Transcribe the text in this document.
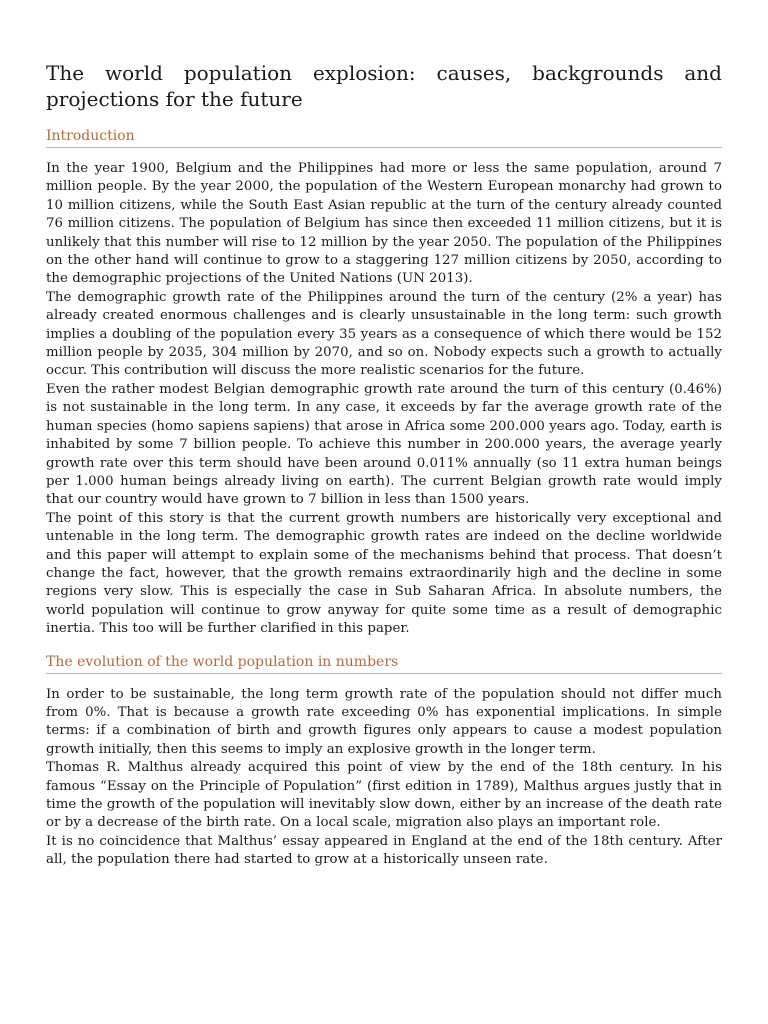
The world population explosion: causes, backgrounds and
projections for the future
Introduction

In the year 1900, Belgium and the Philippines had more or less the same population, around 7 million people. By the year 2000, the population of the Western European monarchy had grown to 10 million citizens, while the South East Asian republic at the turn of the century already counted 76 million citizens. The population of Belgium has since then exceeded 11 million citizens, but it is unlikely that this number will rise to 12 million by the year 2050. The population of the Philippines on the other hand will continue to grow to a staggering 127 million citizens by 2050, according to the demographic projections of the United Nations (UN 2013).

The demographic growth rate of the Philippines around the turn of the century (2% a year) has already created enormous challenges and is clearly unsustainable in the long term: such growth implies a doubling of the population every 35 years as a consequence of which there would be 152 million people by 2035, 304 million by 2070, and so on. Nobody expects such a growth to actually occur. This contribution will discuss the more realistic scenarios for the future.

Even the rather modest Belgian demographic growth rate around the turn of this century (0.46%) is not sustainable in the long term. In any case, it exceeds by far the average growth rate of the human species (homo sapiens sapiens) that arose in Africa some 200.000 years ago. Today, earth is inhabited by some 7 billion people. To achieve this number in 200.000 years, the average yearly growth rate over this term should have been around 0.011% annually (so 11 extra human beings per 1.000 human beings already living on earth). The current Belgian growth rate would imply that our country would have grown to 7 billion in less than 1500 years.

The point of this story is that the current growth numbers are historically very exceptional and untenable in the long term. The demographic growth rates are indeed on the decline worldwide and this paper will attempt to explain some of the mechanisms behind that process. That doesn’t change the fact, however, that the growth remains extraordinarily high and the decline in some regions very slow. This is especially the case in Sub Saharan Africa. In absolute numbers, the world population will continue to grow anyway for quite some time as a result of demographic inertia. This too will be further clarified in this paper.

The evolution of the world population in numbers

In order to be sustainable, the long term growth rate of the population should not differ much from 0%. That is because a growth rate exceeding 0% has exponential implications. In simple terms: if a combination of birth and growth figures only appears to cause a modest population growth initially, then this seems to imply an explosive growth in the longer term.

Thomas R. Malthus already acquired this point of view by the end of the 18th century. In his famous “Essay on the Principle of Population” (first edition in 1789), Malthus argues justly that in time the growth of the population will inevitably slow down, either by an increase of the death rate or by a decrease of the birth rate. On a local scale, migration also plays an important role.

It is no coincidence that Malthus’ essay appeared in England at the end of the 18th century. After all, the population there had started to grow at a historically unseen rate.
